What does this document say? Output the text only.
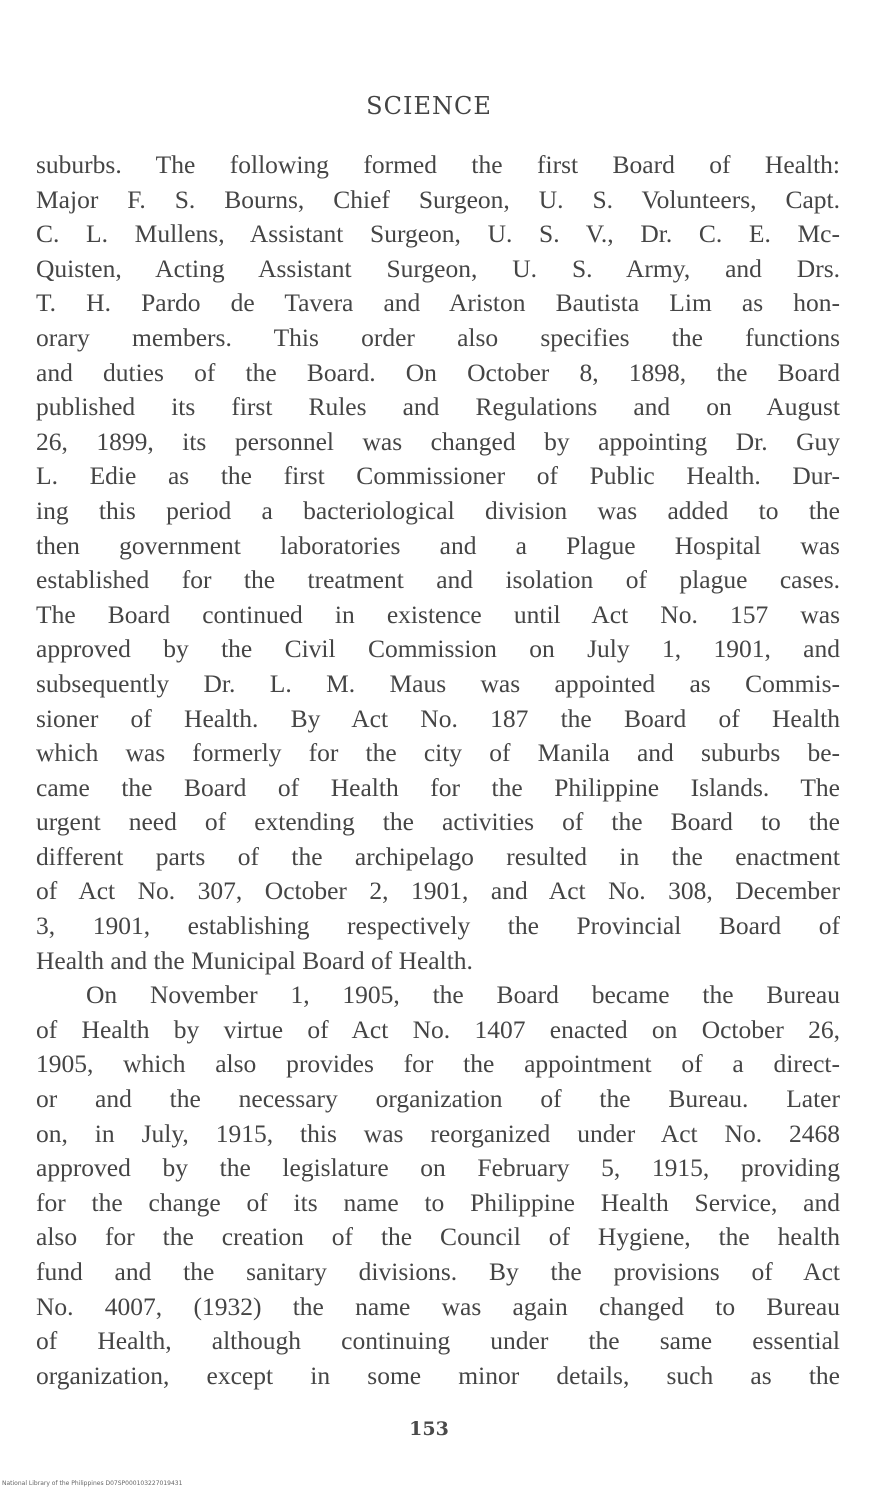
SCIENCE

suburbs. The following formed the first Board of Health:
Major F. S. Bourns, Chief Surgeon, U. S. Volunteers, Capt.
C. L. Mullens, Assistant Surgeon, U. S. V., Dr. C. E. Mc-
Quisten, Acting Assistant Surgeon, U. S. Army, and Drs.
T. H. Pardo de Tavera and Ariston Bautista Lim as hon-
orary members. This order also specifies the functions
and duties of the Board. On October 8, 1898, the Board
published its first Rules and Regulations and on August
26, 1899, its personnel was changed by appointing Dr. Guy
L. Edie as the first Commissioner of Public Health. Dur-
ing this period a bacteriological division was added to the
then government laboratories and a Plague Hospital was
established for the treatment and isolation of plague cases.
The Board continued in existence until Act No. 157 was
approved by the Civil Commission on July 1, 1901, and
subsequently Dr. L. M. Maus was appointed as Commis-
sioner of Health. By Act No. 187 the Board of Health
which was formerly for the city of Manila and suburbs be-
came the Board of Health for the Philippine Islands. The
urgent need of extending the activities of the Board to the
different parts of the archipelago resulted in the enactment
of Act No. 307, October 2, 1901, and Act No. 308, December
3, 1901, establishing respectively the Provincial Board of
Health and the Municipal Board of Health.

On November 1, 1905, the Board became the Bureau
of Health by virtue of Act No. 1407 enacted on October 26,
1905, which also provides for the appointment of a direct-
or and the necessary organization of the Bureau. Later
on, in July, 1915, this was reorganized under Act No. 2468
approved by the legislature on February 5, 1915, providing
for the change of its name to Philippine Health Service, and
also for the creation of the Council of Hygiene, the health
fund and the sanitary divisions. By the provisions of Act
No. 4007, (1932) the name was again changed to Bureau
of Health, although continuing under the same essential
organization, except in some minor details, such as the

153
National Library of the Philippines D07SP00010322701​9431
